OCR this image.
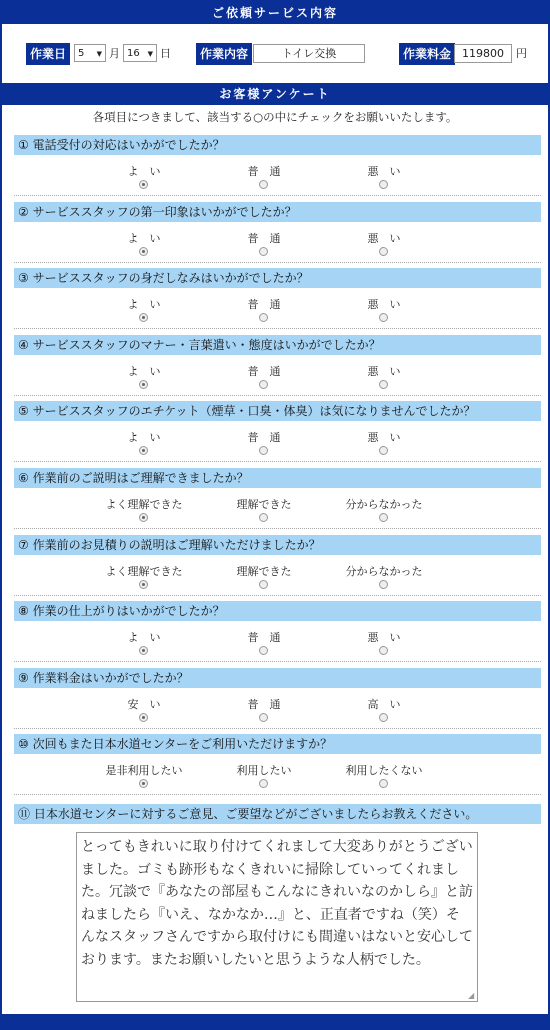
ご依頼サービス内容
作業日	5 ▼ 月 16 ▼ 日	作業内容	トイレ交換	作業料金 119800	円
お客様アンケート
各項目につきまして、該当する○の中にチェックをお願いいたします。
① 電話受付の対応はいかがでしたか？
よ　い	普　通	悪　い
② サービススタッフの第一印象はいかがでしたか？
よ　い	普　通	悪　い
③ サービススタッフの身だしなみはいかがでしたか？
よ　い	普　通	悪　い
④ サービススタッフのマナー・言葉遣い・態度はいかがでしたか？
よ　い	普　通	悪　い
⑤ サービススタッフのエチケット（煙草・口臭・体臭）は気になりませんでしたか？
よ　い	普　通	悪　い
⑥ 作業前のご説明はご理解できましたか？
よく理解できた	理解できた	分からなかった
⑦ 作業前のお見積りの説明はご理解いただけましたか？
よく理解できた	理解できた	分からなかった
⑧ 作業の仕上がりはいかがでしたか？
よ　い	普　通	悪　い
⑨ 作業料金はいかがでしたか？
安　い	普　通	高　い
⑩ 次回もまた日本水道センターをご利用いただけますか？
是非利用したい	利用したい	利用したくない
⑪ 日本水道センターに対するご意見、ご要望などがございましたらお教えください。
とってもきれいに取り付けてくれまして大変ありがとうございました。ゴミも跡形もなくきれいに掃除していってくれました。冗談で『あなたの部屋もこんなにきれいなのかしら』と訪ねましたら『いえ、なかなか…』と、正直者ですね（笑）そんなスタッフさんですから取付けにも間違いはないと安心しております。またお願いしたいと思うような人柄でした。
◢
